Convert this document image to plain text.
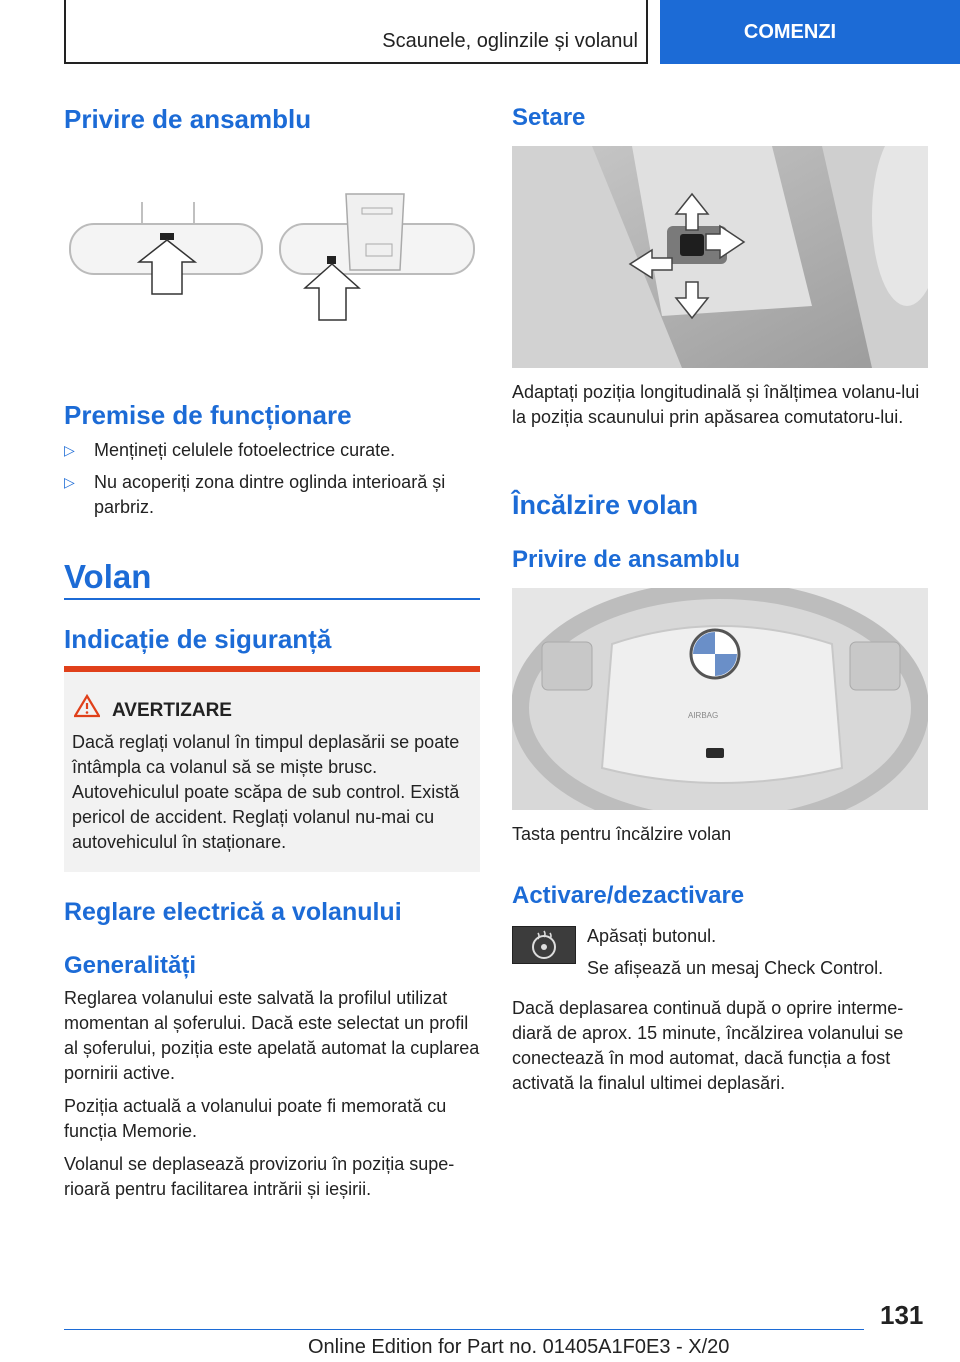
Scaunele, oglinzile și volanul	COMENZI
Privire de ansamblu
Premise de funcționare
▷ Mențineți celulele fotoelectrice curate.
▷ Nu acoperiți zona dintre oglinda interioară și parbriz.
Volan
Indicație de siguranță
AVERTIZARE
Dacă reglați volanul în timpul deplasării se poate întâmpla ca volanul să se miște brusc. Autovehiculul poate scăpa de sub control. Există pericol de accident. Reglați volanul nu-mai cu autovehiculul în staționare.
Reglare electrică a volanului
Generalități
Reglarea volanului este salvată la profilul utilizat momentan al șoferului. Dacă este selectat un profil al șoferului, poziția este apelată automat la cuplarea pornirii active.
Poziția actuală a volanului poate fi memorată cu funcția Memorie.
Volanul se deplasează provizoriu în poziția supe-rioară pentru facilitarea intrării și ieșirii.
Setare
Adaptați poziția longitudinală și înălțimea volanu-lui la poziția scaunului prin apăsarea comutatoru-lui.
Încălzire volan
Privire de ansamblu
AIRBAG
Tasta pentru încălzire volan
Activare/dezactivare
Apăsați butonul.
Se afișează un mesaj Check Control.
Dacă deplasarea continuă după o oprire interme-diară de aprox. 15 minute, încălzirea volanului se conectează în mod automat, dacă funcția a fost activată la finalul ultimei deplasări.
131
Online Edition for Part no. 01405A1F0E3 - X/20
